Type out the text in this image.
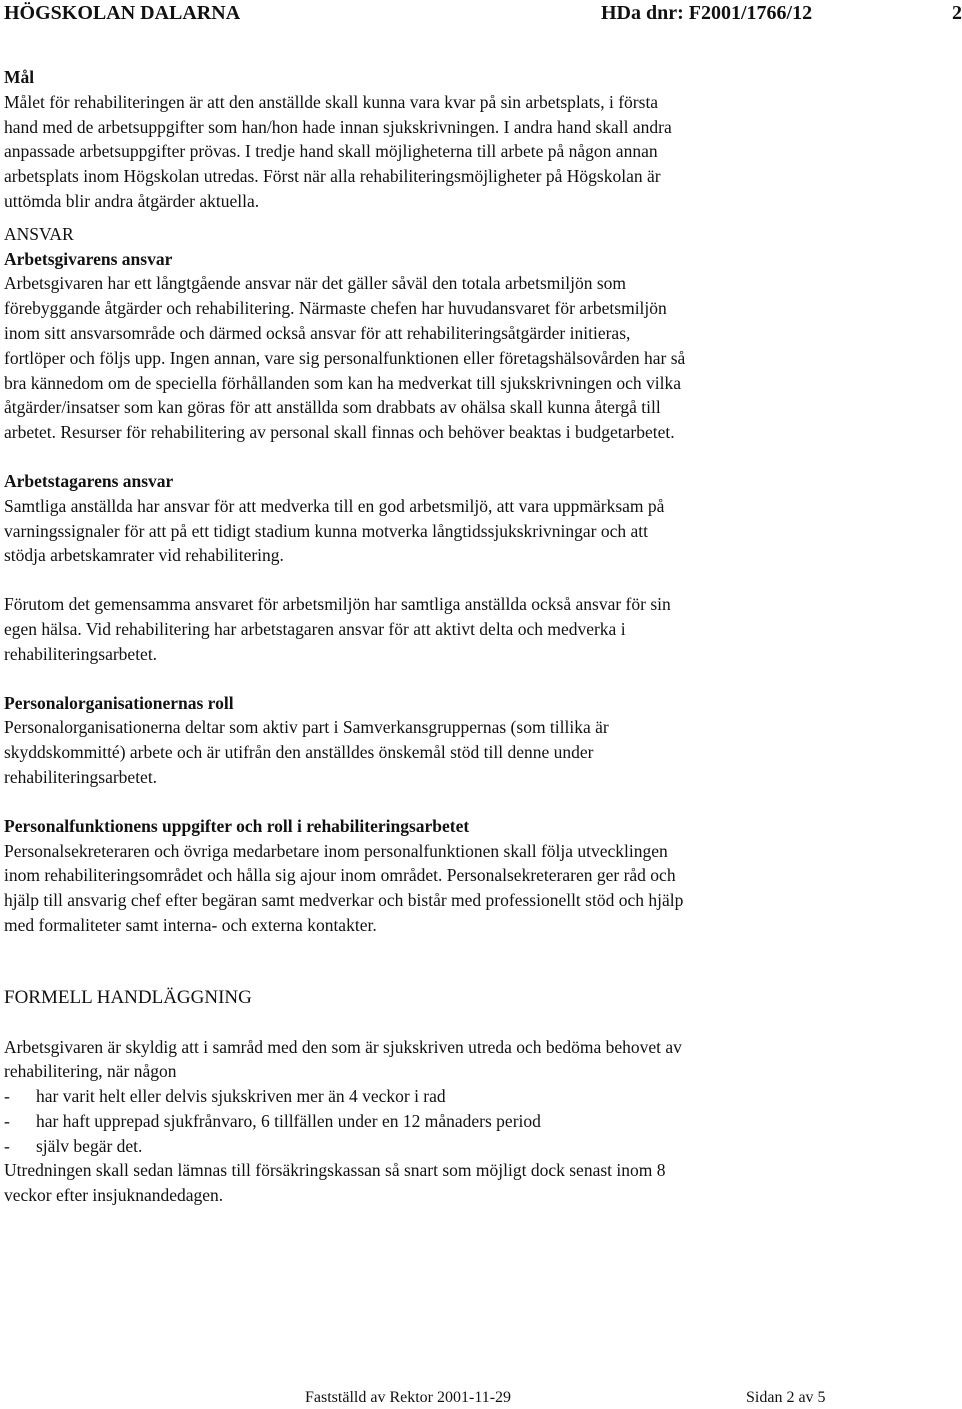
HÖGSKOLAN DALARNA	HDa dnr: F2001/1766/12	2
Mål
Målet för rehabiliteringen är att den anställde skall kunna vara kvar på sin arbetsplats, i första
hand med de arbetsuppgifter som han/hon hade innan sjukskrivningen. I andra hand skall andra
anpassade arbetsuppgifter prövas. I tredje hand skall möjligheterna till arbete på någon annan
arbetsplats inom Högskolan utredas. Först när alla rehabiliteringsmöjligheter på Högskolan är
uttömda blir andra åtgärder aktuella.
ANSVAR
Arbetsgivarens ansvar
Arbetsgivaren har ett långtgående ansvar när det gäller såväl den totala arbetsmiljön som
förebyggande åtgärder och rehabilitering. Närmaste chefen har huvudansvaret för arbetsmiljön
inom sitt ansvarsområde och därmed också ansvar för att rehabiliteringsåtgärder initieras,
fortlöper och följs upp. Ingen annan, vare sig personalfunktionen eller företagshälsovården har så
bra kännedom om de speciella förhållanden som kan ha medverkat till sjukskrivningen och vilka
åtgärder/insatser som kan göras för att anställda som drabbats av ohälsa skall kunna återgå till
arbetet. Resurser för rehabilitering av personal skall finnas och behöver beaktas i budgetarbetet.
Arbetstagarens ansvar
Samtliga anställda har ansvar för att medverka till en god arbetsmiljö, att vara uppmärksam på
varningssignaler för att på ett tidigt stadium kunna motverka långtidssjukskrivningar och att
stödja arbetskamrater vid rehabilitering.
Förutom det gemensamma ansvaret för arbetsmiljön har samtliga anställda också ansvar för sin
egen hälsa. Vid rehabilitering har arbetstagaren ansvar för att aktivt delta och medverka i
rehabiliteringsarbetet.
Personalorganisationernas roll
Personalorganisationerna deltar som aktiv part i Samverkansgruppernas (som tillika är
skyddskommitté) arbete och är utifrån den anställdes önskemål stöd till denne under
rehabiliteringsarbetet.
Personalfunktionens uppgifter och roll i rehabiliteringsarbetet
Personalsekreteraren och övriga medarbetare inom personalfunktionen skall följa utvecklingen
inom rehabiliteringsområdet och hålla sig ajour inom området. Personalsekreteraren ger råd och
hjälp till ansvarig chef efter begäran samt medverkar och bistår med professionellt stöd och hjälp
med formaliteter samt interna- och externa kontakter.
FORMELL HANDLÄGGNING
Arbetsgivaren är skyldig att i samråd med den som är sjukskriven utreda och bedöma behovet av
rehabilitering, när någon
- har varit helt eller delvis sjukskriven mer än 4 veckor i rad
- har haft upprepad sjukfrånvaro, 6 tillfällen under en 12 månaders period
- själv begär det.
Utredningen skall sedan lämnas till försäkringskassan så snart som möjligt dock senast inom 8
veckor efter insjuknandedagen.
Fastställd av Rektor 2001-11-29	Sidan 2 av 5
